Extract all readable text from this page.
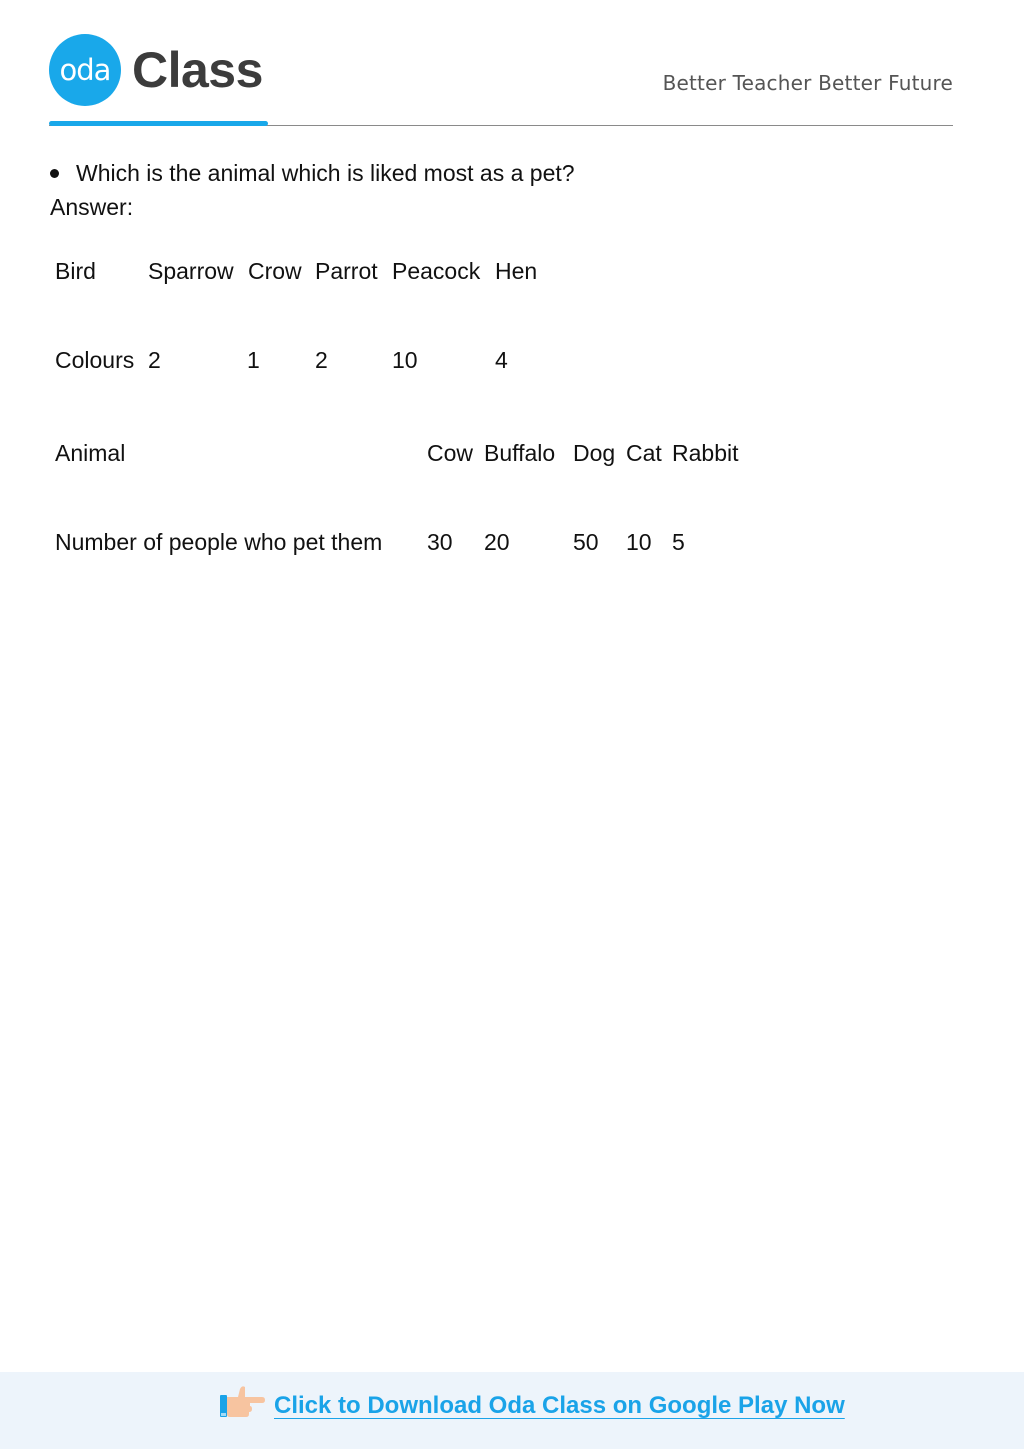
oda Class	Better Teacher Better Future
Which is the animal which is liked most as a pet?
Answer:
Bird Sparrow Crow Parrot Peacock Hen
Colours 2	1 2	10	4
Animal	Cow Buffalo Dog Cat Rabbit
Number of people who pet them 30 20	50 10 5
Click to Download Oda Class on Google Play Now
